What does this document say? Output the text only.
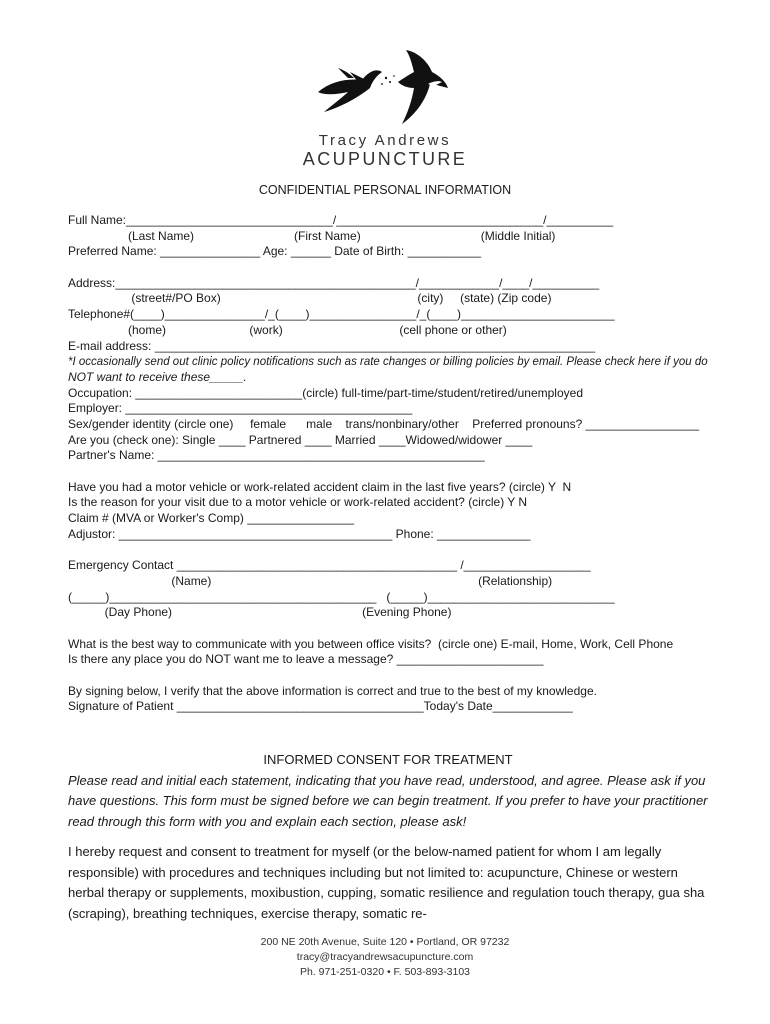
Tracy Andrews
ACUPUNCTURE
CONFIDENTIAL PERSONAL INFORMATION
Full Name:_______________________________/_______________________________/__________
(Last Name)                              (First Name)                                    (Middle Initial)
Preferred Name: _______________ Age: ______ Date of Birth: ___________
Address:_____________________________________________/____________/____/__________
(street#/PO Box)                                                           (city)     (state) (Zip code)
Telephone#(____)_______________/_(____)________________/_(____)_______________________
(home)                         (work)                                   (cell phone or other)
E-mail address: __________________________________________________________________
*I occasionally send out clinic policy notifications such as rate changes or billing policies by email. Please check here if you do
NOT want to receive these_____.
Occupation: _________________________(circle) full-time/part-time/student/retired/unemployed
Employer: ___________________________________________
Sex/gender identity (circle one)     female      male    trans/nonbinary/other    Preferred pronouns? _________________
Are you (check one): Single ____ Partnered ____ Married ____Widowed/widower ____
Partner's Name: _________________________________________________
Have you had a motor vehicle or work-related accident claim in the last five years? (circle) Y  N
Is the reason for your visit due to a motor vehicle or work-related accident? (circle) Y N
Claim # (MVA or Worker's Comp) ________________
Adjustor: _________________________________________ Phone: ______________
Emergency Contact __________________________________________ /___________________
(Name)                                                                                (Relationship)
(_____)________________________________________   (_____)____________________________
(Day Phone)                                                         (Evening Phone)
What is the best way to communicate with you between office visits?  (circle one) E-mail, Home, Work, Cell Phone
Is there any place you do NOT want me to leave a message? ______________________
By signing below, I verify that the above information is correct and true to the best of my knowledge.
Signature of Patient _____________________________________Today's Date____________
INFORMED CONSENT FOR TREATMENT
Please read and initial each statement, indicating that you have read, understood, and agree. Please ask if you have questions. This form must be signed before we can begin treatment. If you prefer to have your practitioner read through this form with you and explain each section, please ask!
I hereby request and consent to treatment for myself (or the below-named patient for whom I am legally responsible) with procedures and techniques including but not limited to: acupuncture, Chinese or western herbal therapy or supplements, moxibustion, cupping, somatic resilience and regulation touch therapy, gua sha (scraping), breathing techniques, exercise therapy, somatic re-
200 NE 20th Avenue, Suite 120 • Portland, OR 97232
tracy@tracyandrewsacupuncture.com
Ph. 971-251-0320 • F. 503-893-3103
